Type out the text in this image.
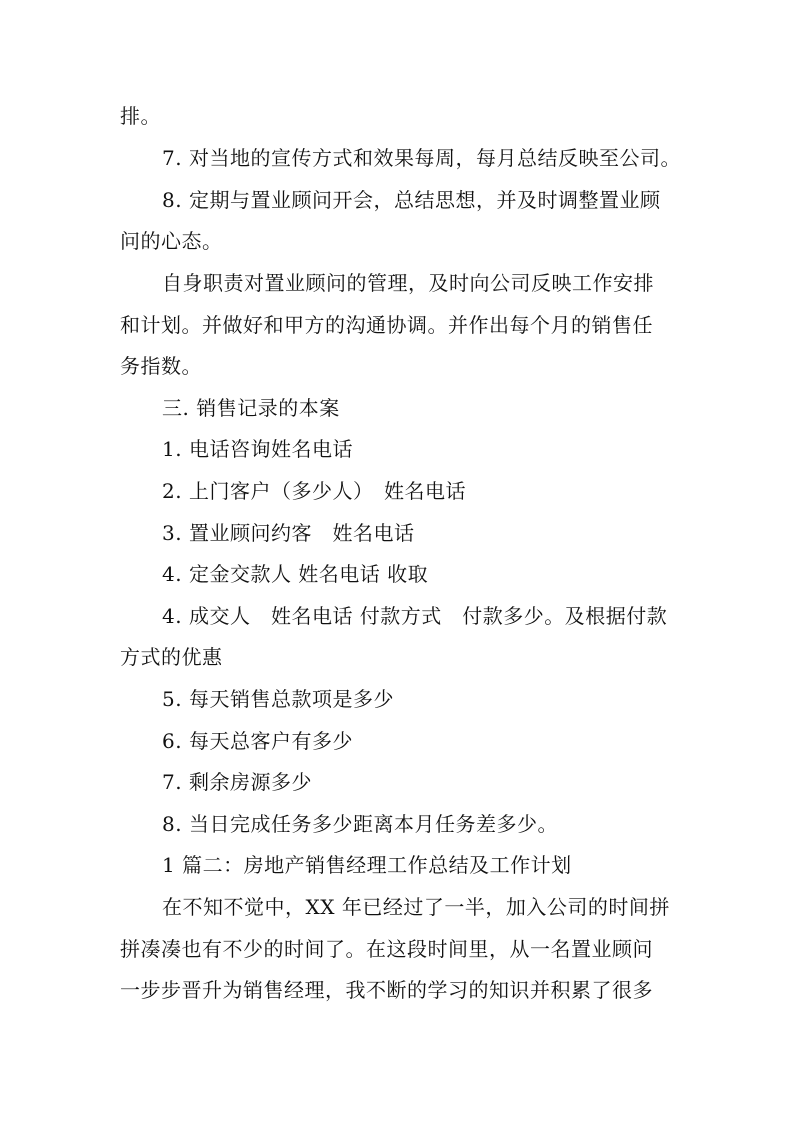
排。
7. 对当地的宣传方式和效果每周，每月总结反映至公司。
8. 定期与置业顾问开会，总结思想，并及时调整置业顾
问的心态。
自身职责对置业顾问的管理，及时向公司反映工作安排
和计划。并做好和甲方的沟通协调。并作出每个月的销售任
务指数。
三. 销售记录的本案
1. 电话咨询姓名电话
2. 上门客户（多少人）　姓名电话
3. 置业顾问约客　姓名电话
4. 定金交款人 姓名电话 收取
4. 成交人　姓名电话 付款方式　付款多少。及根据付款
方式的优惠
5. 每天销售总款项是多少
6. 每天总客户有多少
7. 剩余房源多少
8. 当日完成任务多少距离本月任务差多少。
1 篇二：房地产销售经理工作总结及工作计划
在不知不觉中，XX 年已经过了一半，加入公司的时间拼
拼凑凑也有不少的时间了。在这段时间里，从一名置业顾问
一步步晋升为销售经理，我不断的学习的知识并积累了很多
